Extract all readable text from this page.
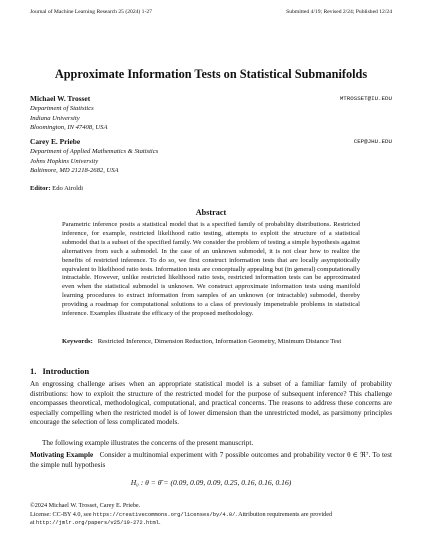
Journal of Machine Learning Research 25 (2024) 1-27	Submitted 4/19; Revised 2/24; Published 12/24
Approximate Information Tests on Statistical Submanifolds
Michael W. Trosset	MTROSSET@IU.EDU
Department of Statistics
Indiana University
Bloomington, IN 47408, USA
Carey E. Priebe	CEP@JHU.EDU
Department of Applied Mathematics & Statistics
Johns Hopkins University
Baltimore, MD 21218-2682, USA
Editor: Edo Airoldi
Abstract
Parametric inference posits a statistical model that is a specified family of probability distributions. Restricted inference, for example, restricted likelihood ratio testing, attempts to exploit the structure of a statistical submodel that is a subset of the specified family. We consider the problem of testing a simple hypothesis against alternatives from such a submodel. In the case of an unknown submodel, it is not clear how to realize the benefits of restricted inference. To do so, we first construct information tests that are locally asymptotically equivalent to likelihood ratio tests. Information tests are conceptually appealing but (in general) computationally intractable. However, unlike restricted likelihood ratio tests, restricted information tests can be approximated even when the statistical submodel is unknown. We construct approximate information tests using manifold learning procedures to extract information from samples of an unknown (or intractable) submodel, thereby providing a roadmap for computational solutions to a class of previously impenetrable problems in statistical inference. Examples illustrate the efficacy of the proposed methodology.
Keywords: Restricted Inference, Dimension Reduction, Information Geometry, Minimum Distance Test
1. Introduction
An engrossing challenge arises when an appropriate statistical model is a subset of a familiar family of probability distributions: how to exploit the structure of the restricted model for the purpose of subsequent inference? This challenge encompasses theoretical, methodological, computational, and practical concerns. The reasons to address these concerns are especially compelling when the restricted model is of lower dimension than the unrestricted model, as parsimony principles encourage the selection of less complicated models.
The following example illustrates the concerns of the present manuscript.
Motivating Example Consider a multinomial experiment with 7 possible outcomes and probability vector θ ∈ ℜ⁷. To test the simple null hypothesis
H₀ : θ = θ̄ = (0.09, 0.09, 0.09, 0.25, 0.16, 0.16, 0.16)
©2024 Michael W. Trosset, Carey E. Priebe.
License: CC-BY 4.0, see https://creativecommons.org/licenses/by/4.0/. Attribution requirements are provided
at http://jmlr.org/papers/v25/19-272.html.
